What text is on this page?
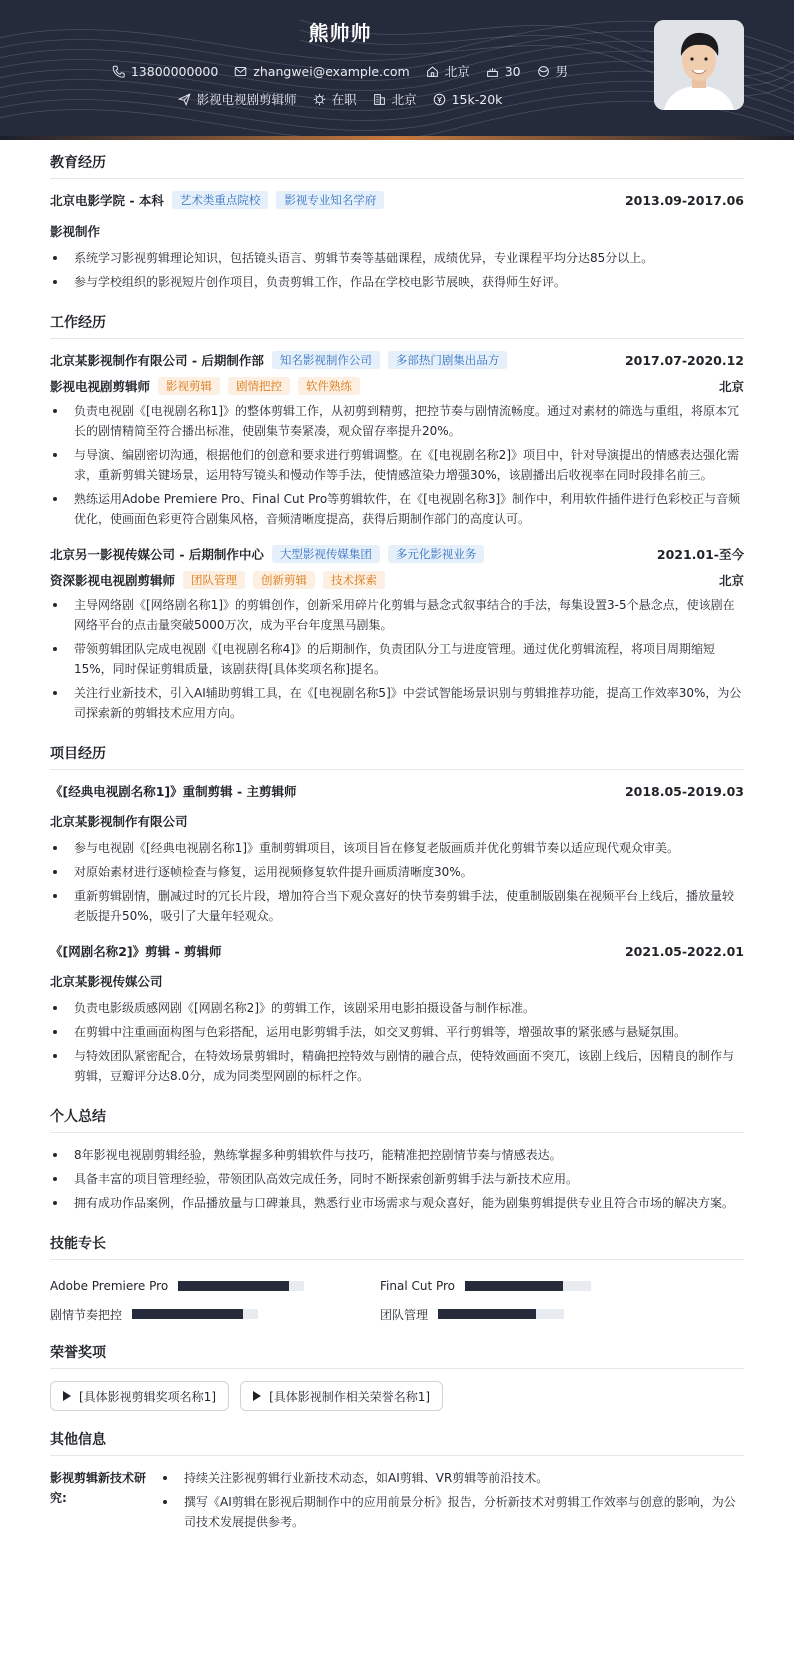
熊帅帅
13800000000	zhangwei@example.com	北京	30	男
影视电视剧剪辑师	在职	北京	15k-20k
教育经历
北京电影学院 - 本科	艺术类重点院校	影视专业知名学府	2013.09-2017.06
影视制作
系统学习影视剪辑理论知识，包括镜头语言、剪辑节奏等基础课程，成绩优异，专业课程平均分达85分以上。
参与学校组织的影视短片创作项目，负责剪辑工作，作品在学校电影节展映，获得师生好评。
工作经历
北京某影视制作有限公司 - 后期制作部	知名影视制作公司	多部热门剧集出品方	2017.07-2020.12
影视电视剧剪辑师	影视剪辑	剧情把控	软件熟练	北京
负责电视剧《[电视剧名称1]》的整体剪辑工作，从初剪到精剪，把控节奏与剧情流畅度。通过对素材的筛选与重组，将原本冗长的剧情精简至符合播出标准，使剧集节奏紧凑，观众留存率提升20%。
与导演、编剧密切沟通，根据他们的创意和要求进行剪辑调整。在《[电视剧名称2]》项目中，针对导演提出的情感表达强化需求，重新剪辑关键场景，运用特写镜头和慢动作等手法，使情感渲染力增强30%，该剧播出后收视率在同时段排名前三。
熟练运用Adobe Premiere Pro、Final Cut Pro等剪辑软件，在《[电视剧名称3]》制作中，利用软件插件进行色彩校正与音频优化，使画面色彩更符合剧集风格，音频清晰度提高，获得后期制作部门的高度认可。
北京另一影视传媒公司 - 后期制作中心	大型影视传媒集团	多元化影视业务	2021.01-至今
资深影视电视剧剪辑师	团队管理	创新剪辑	技术探索	北京
主导网络剧《[网络剧名称1]》的剪辑创作，创新采用碎片化剪辑与悬念式叙事结合的手法，每集设置3-5个悬念点，使该剧在网络平台的点击量突破5000万次，成为平台年度黑马剧集。
带领剪辑团队完成电视剧《[电视剧名称4]》的后期制作，负责团队分工与进度管理。通过优化剪辑流程，将项目周期缩短15%，同时保证剪辑质量，该剧获得[具体奖项名称]提名。
关注行业新技术，引入AI辅助剪辑工具，在《[电视剧名称5]》中尝试智能场景识别与剪辑推荐功能，提高工作效率30%，为公司探索新的剪辑技术应用方向。
项目经历
《[经典电视剧名称1]》重制剪辑 - 主剪辑师	2018.05-2019.03
北京某影视制作有限公司
参与电视剧《[经典电视剧名称1]》重制剪辑项目，该项目旨在修复老版画质并优化剪辑节奏以适应现代观众审美。
对原始素材进行逐帧检查与修复，运用视频修复软件提升画质清晰度30%。
重新剪辑剧情，删减过时的冗长片段，增加符合当下观众喜好的快节奏剪辑手法，使重制版剧集在视频平台上线后，播放量较老版提升50%，吸引了大量年轻观众。
《[网剧名称2]》剪辑 - 剪辑师	2021.05-2022.01
北京某影视传媒公司
负责电影级质感网剧《[网剧名称2]》的剪辑工作，该剧采用电影拍摄设备与制作标准。
在剪辑中注重画面构图与色彩搭配，运用电影剪辑手法，如交叉剪辑、平行剪辑等，增强故事的紧张感与悬疑氛围。
与特效团队紧密配合，在特效场景剪辑时，精确把控特效与剧情的融合点，使特效画面不突兀，该剧上线后，因精良的制作与剪辑，豆瓣评分达8.0分，成为同类型网剧的标杆之作。
个人总结
8年影视电视剧剪辑经验，熟练掌握多种剪辑软件与技巧，能精准把控剧情节奏与情感表达。
具备丰富的项目管理经验，带领团队高效完成任务，同时不断探索创新剪辑手法与新技术应用。
拥有成功作品案例，作品播放量与口碑兼具，熟悉行业市场需求与观众喜好，能为剧集剪辑提供专业且符合市场的解决方案。
技能专长
Adobe Premiere Pro	Final Cut Pro
剧情节奏把控	团队管理
荣誉奖项
[具体影视剪辑奖项名称1]
	[具体影视制作相关荣誉名称1]
其他信息
影视剪辑新技术研究:
持续关注影视剪辑行业新技术动态，如AI剪辑、VR剪辑等前沿技术。
撰写《AI剪辑在影视后期制作中的应用前景分析》报告，分析新技术对剪辑工作效率与创意的影响，为公司技术发展提供参考。
